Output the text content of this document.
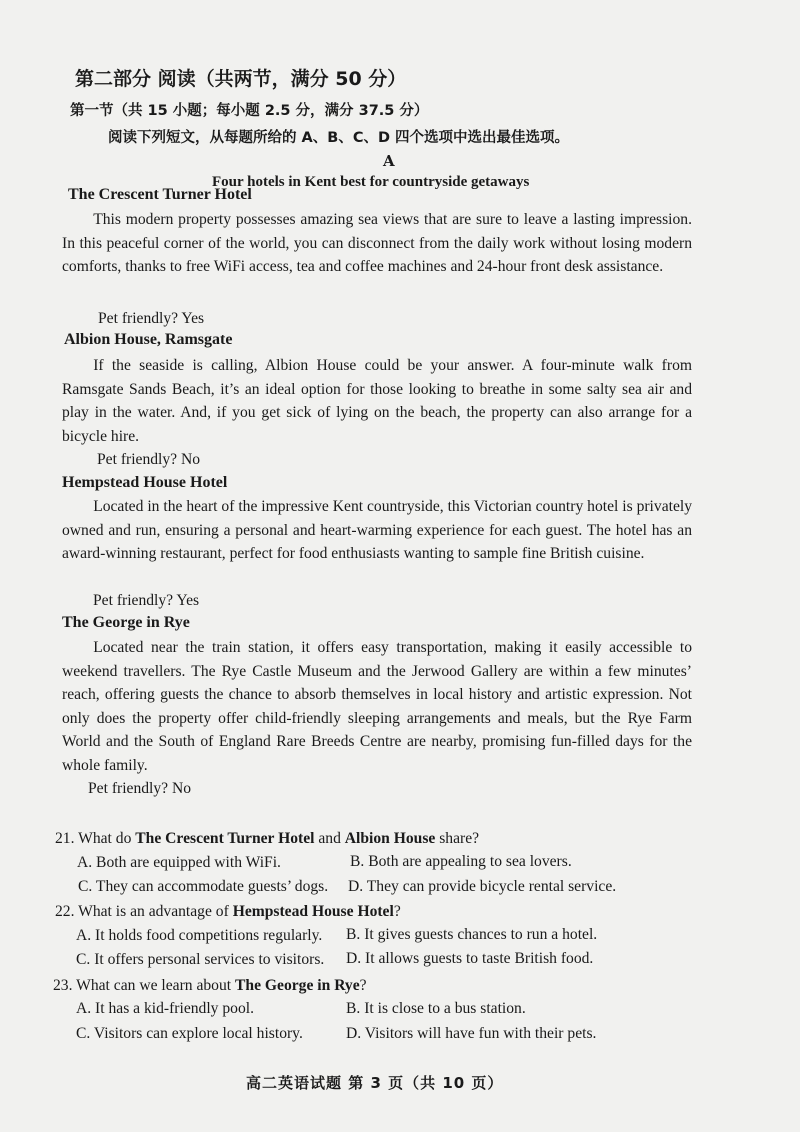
第二部分 阅读（共两节，满分 50 分）
第一节（共 15 小题；每小题 2.5 分，满分 37.5 分）
阅读下列短文，从每题所给的 A、B、C、D 四个选项中选出最佳选项。
A
Four hotels in Kent best for countryside getaways
The Crescent Turner Hotel
This modern property possesses amazing sea views that are sure to leave a lasting impression. In this peaceful corner of the world, you can disconnect from the daily work without losing modern comforts, thanks to free WiFi access, tea and coffee machines and 24-hour front desk assistance.
Pet friendly? Yes
Albion House, Ramsgate
If the seaside is calling, Albion House could be your answer. A four-minute walk from Ramsgate Sands Beach, it’s an ideal option for those looking to breathe in some salty sea air and play in the water. And, if you get sick of lying on the beach, the property can also arrange for a bicycle hire.
Pet friendly? No
Hempstead House Hotel
Located in the heart of the impressive Kent countryside, this Victorian country hotel is privately owned and run, ensuring a personal and heart-warming experience for each guest. The hotel has an award-winning restaurant, perfect for food enthusiasts wanting to sample fine British cuisine.
Pet friendly? Yes
The George in Rye
Located near the train station, it offers easy transportation, making it easily accessible to weekend travellers. The Rye Castle Museum and the Jerwood Gallery are within a few minutes’ reach, offering guests the chance to absorb themselves in local history and artistic expression. Not only does the property offer child-friendly sleeping arrangements and meals, but the Rye Farm World and the South of England Rare Breeds Centre are nearby, promising fun-filled days for the whole family.
Pet friendly? No
21. What do The Crescent Turner Hotel and Albion House share?
A. Both are equipped with WiFi.	B. Both are appealing to sea lovers.
C. They can accommodate guests’ dogs. D. They can provide bicycle rental service.
22. What is an advantage of Hempstead House Hotel?
A. It holds food competitions regularly. B. It gives guests chances to run a hotel.
C. It offers personal services to visitors. D. It allows guests to taste British food.
23. What can we learn about The George in Rye?
A. It has a kid-friendly pool.	B. It is close to a bus station.
C. Visitors can explore local history.	D. Visitors will have fun with their pets.
高二英语试题 第 3 页（共 10 页）
